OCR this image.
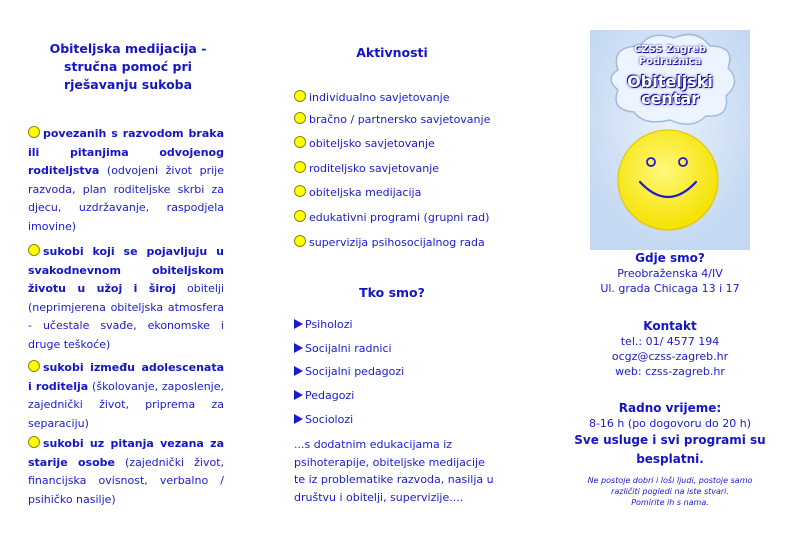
Obiteljska medijacija - stručna pomoć pri rješavanju sukoba
povezanih s razvodom braka ili pitanjima odvojenog roditeljstva (odvojeni život prije razvoda, plan roditeljske skrbi za djecu, uzdržavanje, raspodjela imovine)
sukobi koji se pojavljuju u svakodnevnom obiteljskom životu u užoj i široj obitelji (neprimjerena obiteljska atmosfera - učestale svađe, ekonomske i druge teškoće)
sukobi između adolescenata i roditelja (školovanje, zaposlenje, zajednički život, priprema za separaciju)
sukobi uz pitanja vezana za starije osobe (zajednički život, financijska ovisnost, verbalno / psihičko nasilje)
Aktivnosti
individualno savjetovanje
bračno / partnersko savjetovanje
obiteljsko savjetovanje
roditeljsko savjetovanje
obiteljska medijacija
edukativni programi (grupni rad)
supervizija psihosocijalnog rada
Tko smo?
Psiholozi
Socijalni radnici
Socijalni pedagozi
Pedagozi
Sociolozi
...s dodatnim edukacijama iz psihoterapije, obiteljske medijacije te iz problematike razvoda, nasilja u društvu i obitelji, supervizije....
CZSS Zagreb
Podružnica
Obiteljski
centar
Gdje smo?
Preobraženska 4/IV
Ul. grada Chicaga 13 i 17
Kontakt
tel.: 01/ 4577 194
ocgz@czss-zagreb.hr
web: czss-zagreb.hr
Radno vrijeme:
8-16 h (po dogovoru do 20 h)
Sve usluge i svi programi su
besplatni.
Ne postoje dobri i loši ljudi, postoje samo
različiti pogledi na iste stvari.
Pomirite ih s nama.
